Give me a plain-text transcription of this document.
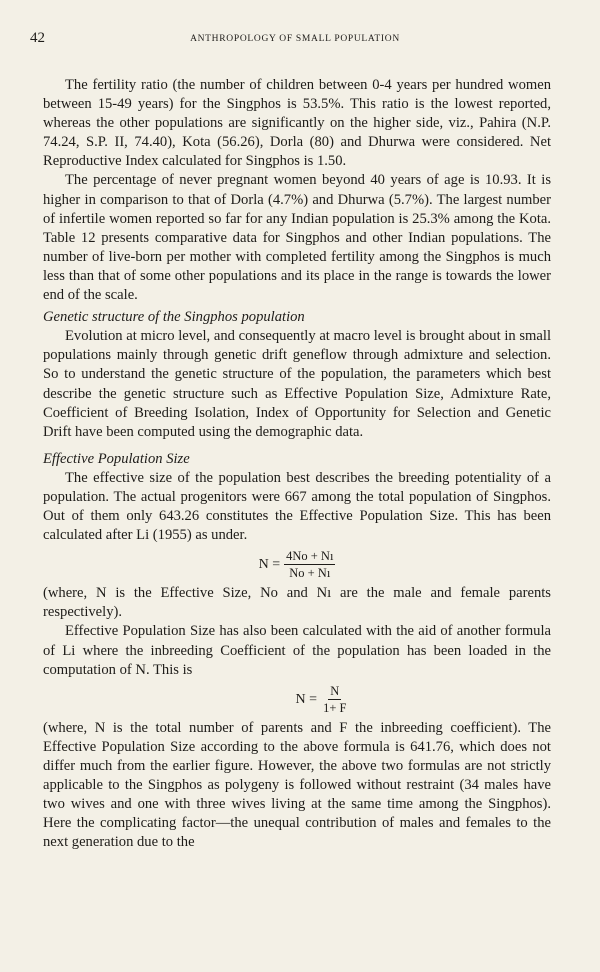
42	ANTHROPOLOGY OF SMALL POPULATION

The fertility ratio (the number of children between 0-4 years per hundred women between 15-49 years) for the Singphos is 53.5%. This ratio is the lowest reported, whereas the other populations are significantly on the higher side, viz., Pahira (N.P. 74.24, S.P. II, 74.40), Kota (56.26), Dorla (80) and Dhurwa were considered. Net Reproductive Index calculated for Singphos is 1.50.

The percentage of never pregnant women beyond 40 years of age is 10.93. It is higher in comparison to that of Dorla (4.7%) and Dhurwa (5.7%). The largest number of infertile women reported so far for any Indian population is 25.3% among the Kota. Table 12 presents comparative data for Singphos and other Indian populations. The number of live-born per mother with completed fertility among the Singphos is much less than that of some other populations and its place in the range is towards the lower end of the scale.

Genetic structure of the Singphos population

Evolution at micro level, and consequently at macro level is brought about in small populations mainly through genetic drift geneflow through admixture and selection. So to understand the genetic structure of the population, the parameters which best describe the genetic structure such as Effective Population Size, Admixture Rate, Coefficient of Breeding Isolation, Index of Opportunity for Selection and Genetic Drift have been computed using the demographic data.

Effective Population Size

The effective size of the population best describes the breeding potentiality of a population. The actual progenitors were 667 among the total population of Singphos. Out of them only 643.26 constitutes the Effective Population Size. This has been calculated after Li (1955) as under.

$N = \frac{4No + Nı}{No + Nı}$

(where, N is the Effective Size, No and Nı are the male and female parents respectively).

Effective Population Size has also been calculated with the aid of another formula of Li where the inbreeding Coefficient of the population has been loaded in the computation of N. This is

$N = \frac{N}{1+ F}$

(where, N is the total number of parents and F the inbreeding coefficient). The Effective Population Size according to the above formula is 641.76, which does not differ much from the earlier figure. However, the above two formulas are not strictly applicable to the Singphos as polygeny is followed without restraint (34 males have two wives and one with three wives living at the same time among the Singphos). Here the complicating factor—the unequal contribution of males and females to the next generation due to the
